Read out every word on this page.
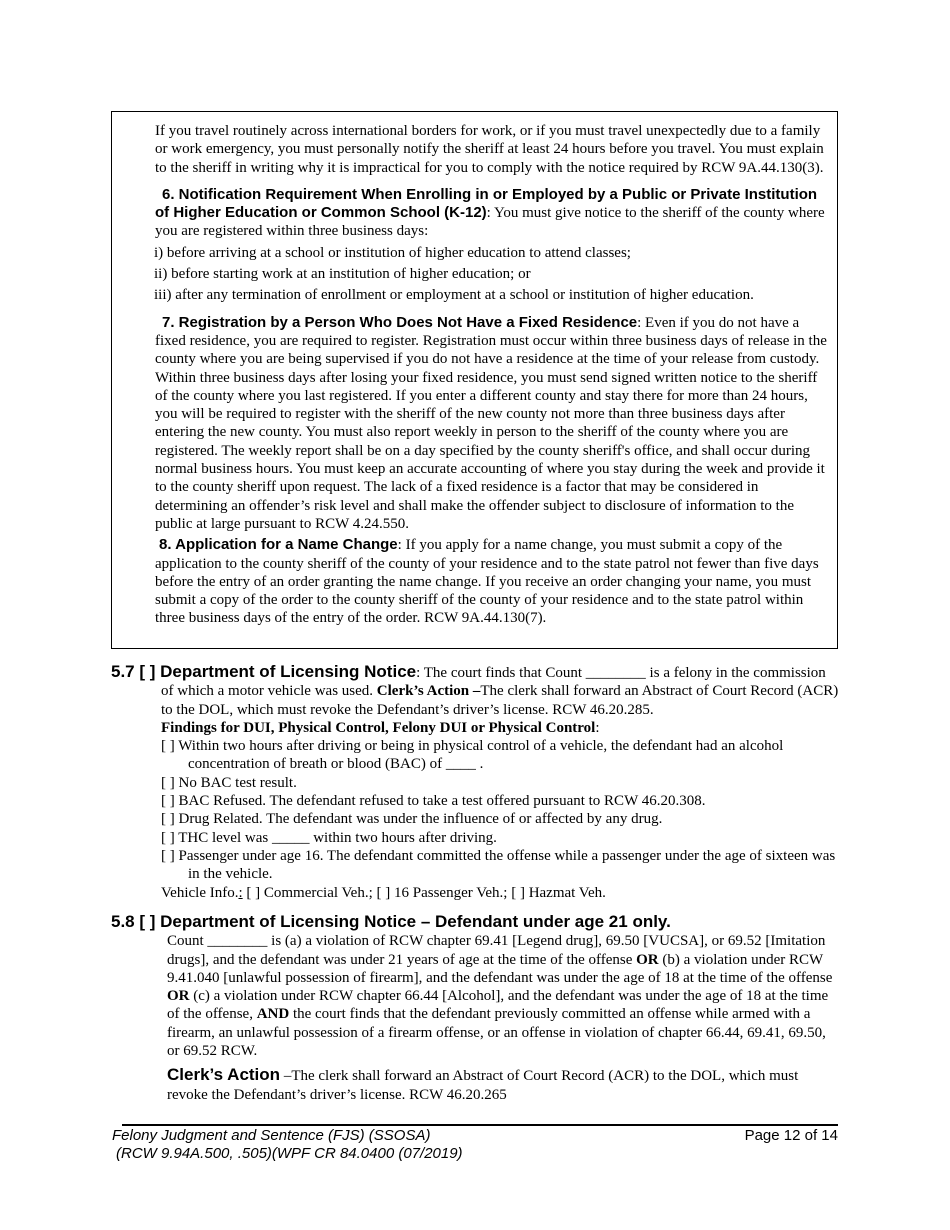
If you travel routinely across international borders for work, or if you must travel unexpectedly due to a family or work emergency, you must personally notify the sheriff at least 24 hours before you travel. You must explain to the sheriff in writing why it is impractical for you to comply with the notice required by RCW 9A.44.130(3).

6. Notification Requirement When Enrolling in or Employed by a Public or Private Institution of Higher Education or Common School (K-12): You must give notice to the sheriff of the county where you are registered within three business days:

i) before arriving at a school or institution of higher education to attend classes;

ii) before starting work at an institution of higher education; or

iii) after any termination of enrollment or employment at a school or institution of higher education.

7. Registration by a Person Who Does Not Have a Fixed Residence: Even if you do not have a fixed residence, you are required to register. Registration must occur within three business days of release in the county where you are being supervised if you do not have a residence at the time of your release from custody. Within three business days after losing your fixed residence, you must send signed written notice to the sheriff of the county where you last registered. If you enter a different county and stay there for more than 24 hours, you will be required to register with the sheriff of the new county not more than three business days after entering the new county. You must also report weekly in person to the sheriff of the county where you are registered. The weekly report shall be on a day specified by the county sheriff's office, and shall occur during normal business hours. You must keep an accurate accounting of where you stay during the week and provide it to the county sheriff upon request. The lack of a fixed residence is a factor that may be considered in determining an offender’s risk level and shall make the offender subject to disclosure of information to the public at large pursuant to RCW 4.24.550.

8. Application for a Name Change: If you apply for a name change, you must submit a copy of the application to the county sheriff of the county of your residence and to the state patrol not fewer than five days before the entry of an order granting the name change. If you receive an order changing your name, you must submit a copy of the order to the county sheriff of the county of your residence and to the state patrol within three business days of the entry of the order. RCW 9A.44.130(7).

5.7 [ ] Department of Licensing Notice: The court finds that Count ________ is a felony in the commission of which a motor vehicle was used. Clerk’s Action –The clerk shall forward an Abstract of Court Record (ACR) to the DOL, which must revoke the Defendant’s driver’s license. RCW 46.20.285.
Findings for DUI, Physical Control, Felony DUI or Physical Control:
[ ] Within two hours after driving or being in physical control of a vehicle, the defendant had an alcohol concentration of breath or blood (BAC) of ____ .
[ ] No BAC test result.
[ ] BAC Refused. The defendant refused to take a test offered pursuant to RCW 46.20.308.
[ ] Drug Related. The defendant was under the influence of or affected by any drug.
[ ] THC level was _____ within two hours after driving.
[ ] Passenger under age 16. The defendant committed the offense while a passenger under the age of sixteen was in the vehicle.
Vehicle Info.: [ ] Commercial Veh.; [ ] 16 Passenger Veh.; [ ] Hazmat Veh.
5.8 [ ] Department of Licensing Notice – Defendant under age 21 only.
Count ________ is (a) a violation of RCW chapter 69.41 [Legend drug], 69.50 [VUCSA], or 69.52 [Imitation drugs], and the defendant was under 21 years of age at the time of the offense OR (b) a violation under RCW 9.41.040 [unlawful possession of firearm], and the defendant was under the age of 18 at the time of the offense OR (c) a violation under RCW chapter 66.44 [Alcohol], and the defendant was under the age of 18 at the time of the offense, AND the court finds that the defendant previously committed an offense while armed with a firearm, an unlawful possession of a firearm offense, or an offense in violation of chapter 66.44, 69.41, 69.50, or 69.52 RCW.
Clerk’s Action –The clerk shall forward an Abstract of Court Record (ACR) to the DOL, which must revoke the Defendant’s driver’s license. RCW 46.20.265
Felony Judgment and Sentence (FJS) (SSOSA)
(RCW 9.94A.500, .505)(WPF CR 84.0400 (07/2019)
Page 12 of 14
